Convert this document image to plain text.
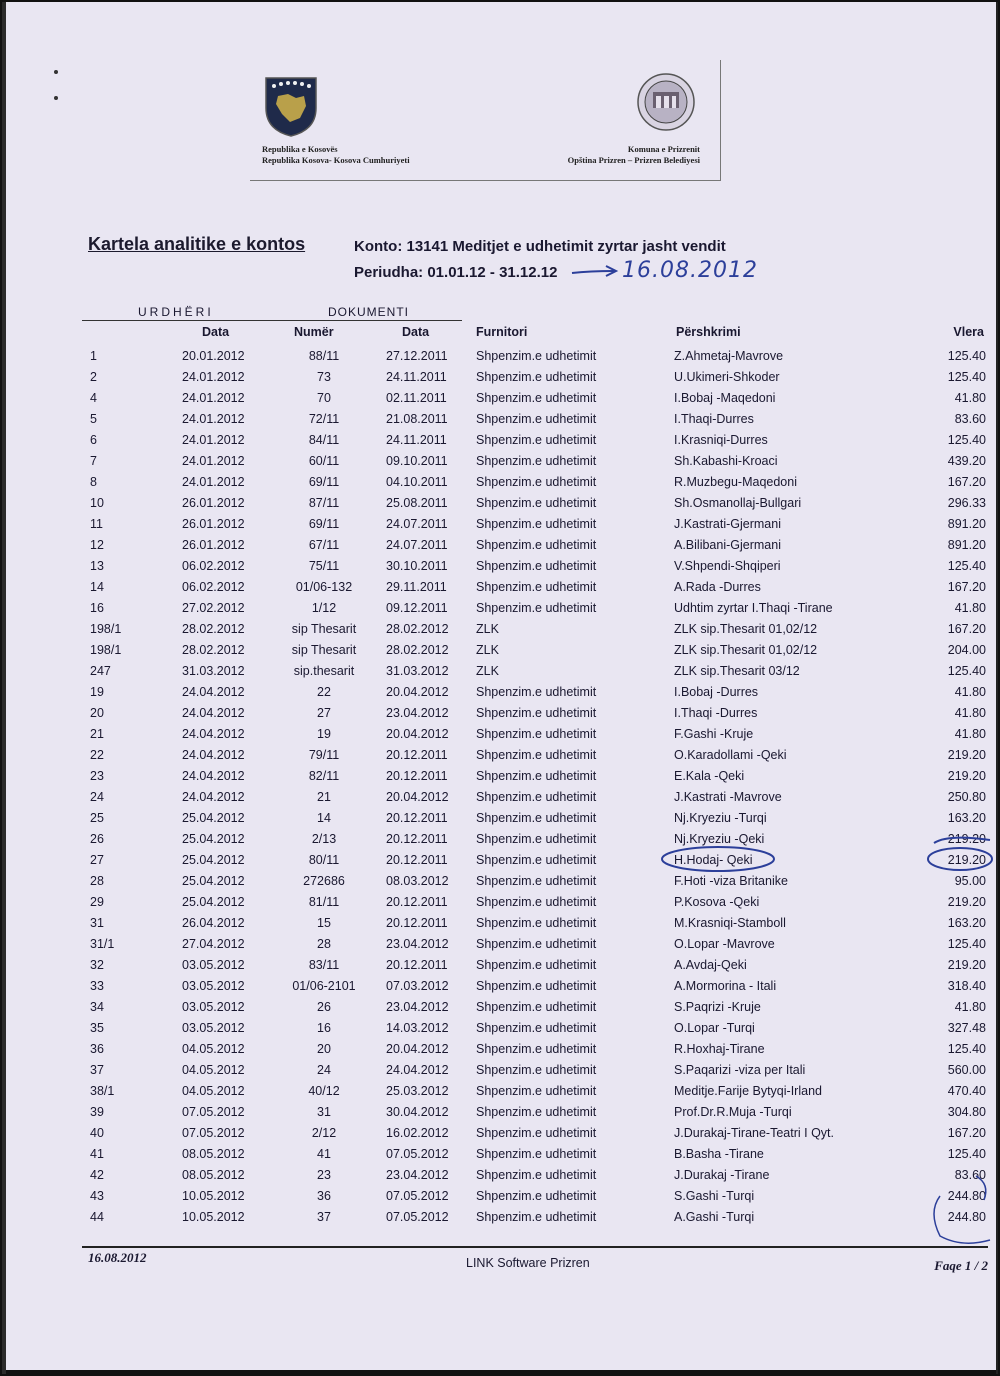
Republika e Kosovës
Republika Kosova- Kosova Cumhuriyeti
Komuna e Prizrenit
Opština Prizren – Prizren Belediyesi
Kartela analitike e kontos	Konto: 13141 Meditjet e udhetimit zyrtar jasht vendit
Periudha: 01.01.12 - 31.12.12	16.08.2012
URDHËRI	DOKUMENTI
Data	Numër	Data	Furnitori	Përshkrimi	Vlera
1	20.01.2012	88/11	27.12.2011 Shpenzim.e udhetimit	Z.Ahmetaj-Mavrove	125.40
2	24.01.2012	73	24.11.2011 Shpenzim.e udhetimit	U.Ukimeri-Shkoder	125.40
4	24.01.2012	70	02.11.2011 Shpenzim.e udhetimit	I.Bobaj -Maqedoni	41.80
5	24.01.2012	72/11	21.08.2011 Shpenzim.e udhetimit	I.Thaqi-Durres	83.60
6	24.01.2012	84/11	24.11.2011 Shpenzim.e udhetimit	I.Krasniqi-Durres	125.40
7	24.01.2012	60/11	09.10.2011 Shpenzim.e udhetimit	Sh.Kabashi-Kroaci	439.20
8	24.01.2012	69/11	04.10.2011 Shpenzim.e udhetimit	R.Muzbegu-Maqedoni	167.20
10	26.01.2012	87/11	25.08.2011 Shpenzim.e udhetimit	Sh.Osmanollaj-Bullgari	296.33
11	26.01.2012	69/11	24.07.2011 Shpenzim.e udhetimit	J.Kastrati-Gjermani	891.20
12	26.01.2012	67/11	24.07.2011 Shpenzim.e udhetimit	A.Bilibani-Gjermani	891.20
13	06.02.2012	75/11	30.10.2011 Shpenzim.e udhetimit	V.Shpendi-Shqiperi	125.40
14	06.02.2012	01/06-132	29.11.2011 Shpenzim.e udhetimit	A.Rada -Durres	167.20
16	27.02.2012	1/12	09.12.2011 Shpenzim.e udhetimit	Udhtim zyrtar I.Thaqi -Tirane	41.80
198/1	28.02.2012	sip Thesarit	28.02.2012 ZLK	ZLK sip.Thesarit 01,02/12	167.20
198/1	28.02.2012	sip Thesarit	28.02.2012 ZLK	ZLK sip.Thesarit 01,02/12	204.00
247	31.03.2012	sip.thesarit	31.03.2012 ZLK	ZLK sip.Thesarit 03/12	125.40
19	24.04.2012	22	20.04.2012 Shpenzim.e udhetimit	I.Bobaj -Durres	41.80
20	24.04.2012	27	23.04.2012 Shpenzim.e udhetimit	I.Thaqi -Durres	41.80
21	24.04.2012	19	20.04.2012 Shpenzim.e udhetimit	F.Gashi -Kruje	41.80
22	24.04.2012	79/11	20.12.2011 Shpenzim.e udhetimit	O.Karadollami -Qeki	219.20
23	24.04.2012	82/11	20.12.2011 Shpenzim.e udhetimit	E.Kala -Qeki	219.20
24	24.04.2012	21	20.04.2012 Shpenzim.e udhetimit	J.Kastrati -Mavrove	250.80
25	25.04.2012	14	20.12.2011 Shpenzim.e udhetimit	Nj.Kryeziu -Turqi	163.20
26	25.04.2012	2/13	20.12.2011 Shpenzim.e udhetimit	Nj.Kryeziu -Qeki	219.20
27	25.04.2012	80/11	20.12.2011 Shpenzim.e udhetimit	H.Hodaj- Qeki	219.20
28	25.04.2012	272686	08.03.2012 Shpenzim.e udhetimit	F.Hoti -viza Britanike	95.00
29	25.04.2012	81/11	20.12.2011 Shpenzim.e udhetimit	P.Kosova -Qeki	219.20
31	26.04.2012	15	20.12.2011 Shpenzim.e udhetimit	M.Krasniqi-Stamboll	163.20
31/1	27.04.2012	28	23.04.2012 Shpenzim.e udhetimit	O.Lopar -Mavrove	125.40
32	03.05.2012	83/11	20.12.2011 Shpenzim.e udhetimit	A.Avdaj-Qeki	219.20
33	03.05.2012	01/06-2101	07.03.2012 Shpenzim.e udhetimit	A.Mormorina - Itali	318.40
34	03.05.2012	26	23.04.2012 Shpenzim.e udhetimit	S.Paqrizi -Kruje	41.80
35	03.05.2012	16	14.03.2012 Shpenzim.e udhetimit	O.Lopar -Turqi	327.48
36	04.05.2012	20	20.04.2012 Shpenzim.e udhetimit	R.Hoxhaj-Tirane	125.40
37	04.05.2012	24	24.04.2012 Shpenzim.e udhetimit	S.Paqarizi -viza per Itali	560.00
38/1	04.05.2012	40/12	25.03.2012 Shpenzim.e udhetimit	Meditje.Farije Bytyqi-Irland	470.40
39	07.05.2012	31	30.04.2012 Shpenzim.e udhetimit	Prof.Dr.R.Muja -Turqi	304.80
40	07.05.2012	2/12	16.02.2012 Shpenzim.e udhetimit	J.Durakaj-Tirane-Teatri I Qyt.	167.20
41	08.05.2012	41	07.05.2012 Shpenzim.e udhetimit	B.Basha -Tirane	125.40
42	08.05.2012	23	23.04.2012 Shpenzim.e udhetimit	J.Durakaj -Tirane	83.60
43	10.05.2012	36	07.05.2012 Shpenzim.e udhetimit	S.Gashi -Turqi	244.80
44	10.05.2012	37	07.05.2012 Shpenzim.e udhetimit	A.Gashi -Turqi	244.80
16.08.2012	LINK Software Prizren	Faqe 1 / 2
